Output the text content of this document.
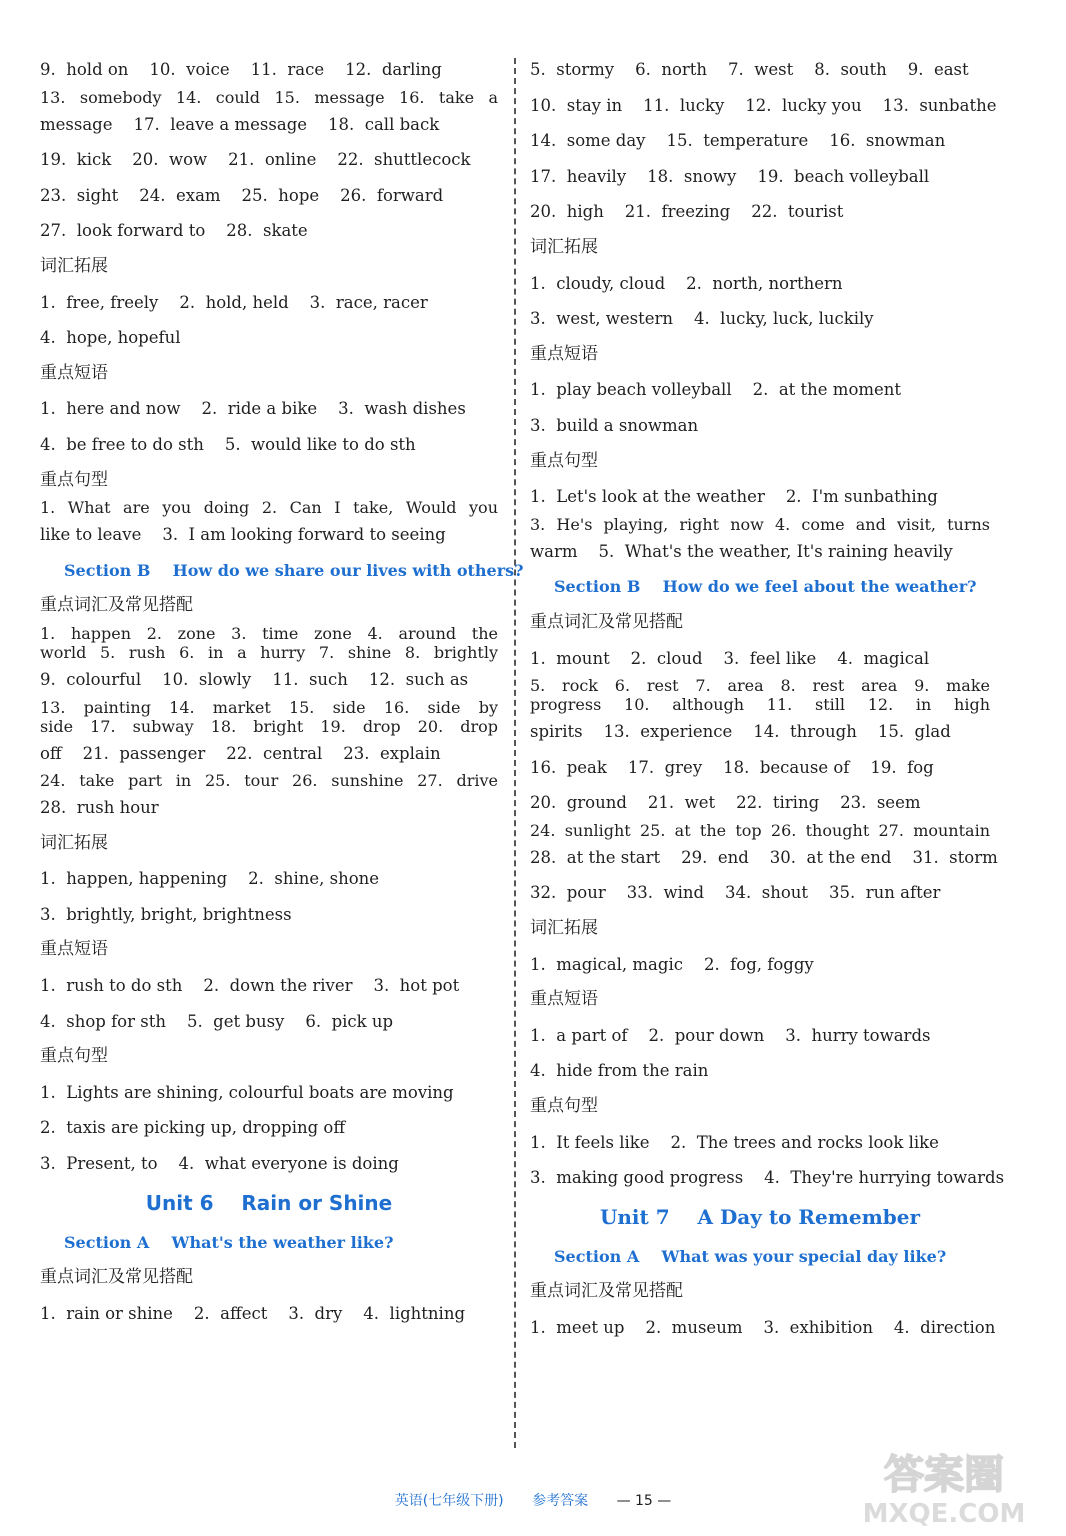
9.  hold on    10.  voice    11.  race    12.  darling
13. somebody 14. could 15. message 16. take a
message    17.  leave a message    18.  call back
19.  kick    20.  wow    21.  online    22.  shuttlecock
23.  sight    24.  exam    25.  hope    26.  forward
27.  look forward to    28.  skate
词汇拓展
1.  free, freely    2.  hold, held    3.  race, racer
4.  hope, hopeful
重点短语
1.  here and now    2.  ride a bike    3.  wash dishes
4.  be free to do sth    5.  would like to do sth
重点句型
1. What are you doing 2. Can I take, Would you
like to leave    3.  I am looking forward to seeing
Section B    How do we share our lives with others?
重点词汇及常见搭配
1. happen 2. zone 3. time zone 4. around the
world 5. rush 6. in a hurry 7. shine 8. brightly
9.  colourful    10.  slowly    11.  such    12.  such as
13. painting 14. market 15. side 16. side by
side 17. subway 18. bright 19. drop 20. drop
off    21.  passenger    22.  central    23.  explain
24. take part in 25. tour 26. sunshine 27. drive
28.  rush hour
词汇拓展
1.  happen, happening    2.  shine, shone
3.  brightly, bright, brightness
重点短语
1.  rush to do sth    2.  down the river    3.  hot pot
4.  shop for sth    5.  get busy    6.  pick up
重点句型
1.  Lights are shining, colourful boats are moving
2.  taxis are picking up, dropping off
3.  Present, to    4.  what everyone is doing
Unit 6    Rain or Shine
Section A    What's the weather like?
重点词汇及常见搭配
1.  rain or shine    2.  affect    3.  dry    4.  lightning
5.  stormy    6.  north    7.  west    8.  south    9.  east
10.  stay in    11.  lucky    12.  lucky you    13.  sunbathe
14.  some day    15.  temperature    16.  snowman
17.  heavily    18.  snowy    19.  beach volleyball
20.  high    21.  freezing    22.  tourist
词汇拓展
1.  cloudy, cloud    2.  north, northern
3.  west, western    4.  lucky, luck, luckily
重点短语
1.  play beach volleyball    2.  at the moment
3.  build a snowman
重点句型
1.  Let's look at the weather    2.  I'm sunbathing
3. He's playing, right now 4. come and visit, turns
warm    5.  What's the weather, It's raining heavily
Section B    How do we feel about the weather?
重点词汇及常见搭配
1.  mount    2.  cloud    3.  feel like    4.  magical
5. rock 6. rest 7. area 8. rest area 9. make
progress 10. although 11. still 12. in high
spirits    13.  experience    14.  through    15.  glad
16.  peak    17.  grey    18.  because of    19.  fog
20.  ground    21.  wet    22.  tiring    23.  seem
24. sunlight 25. at the top 26. thought 27. mountain
28.  at the start    29.  end    30.  at the end    31.  storm
32.  pour    33.  wind    34.  shout    35.  run after
词汇拓展
1.  magical, magic    2.  fog, foggy
重点短语
1.  a part of    2.  pour down    3.  hurry towards
4.  hide from the rain
重点句型
1.  It feels like    2.  The trees and rocks look like
3.  making good progress    4.  They're hurrying towards
Unit 7    A Day to Remember
Section A    What was your special day like?
重点词汇及常见搭配
1.  meet up    2.  museum    3.  exhibition    4.  direction
英语(七年级下册) 参考答案 — 15 —
答案圈
MXQE.COM
